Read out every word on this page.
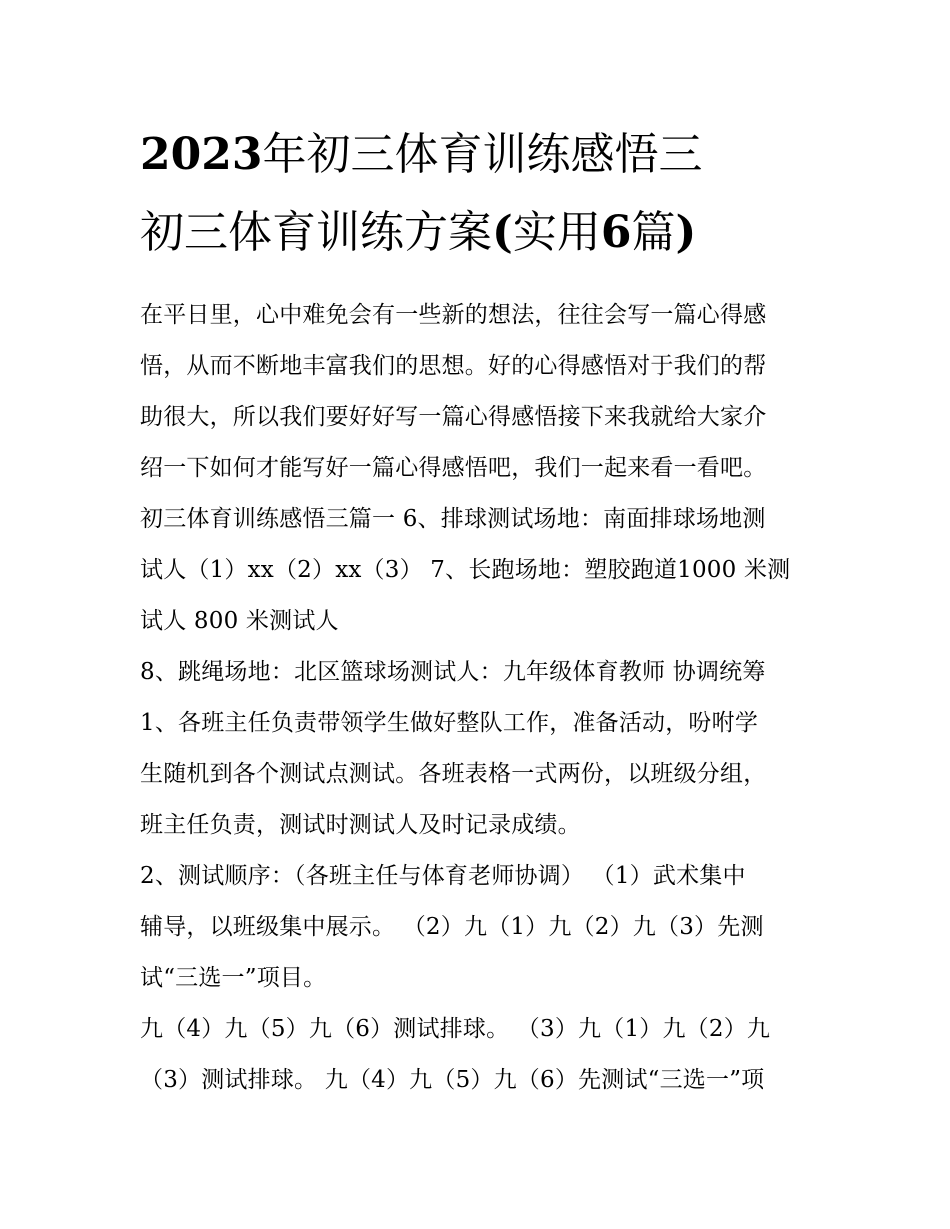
2023年初三体育训练感悟三
初三体育训练方案(实用6篇)

在平日里，心中难免会有一些新的想法，往往会写一篇心得感
悟，从而不断地丰富我们的思想。好的心得感悟对于我们的帮
助很大，所以我们要好好写一篇心得感悟接下来我就给大家介
绍一下如何才能写好一篇心得感悟吧，我们一起来看一看吧。
初三体育训练感悟三篇一 6、排球测试场地：南面排球场地测
试人（1）xx（2）xx（3） 7、长跑场地：塑胶跑道1000 米测
试人 800 米测试人

8、跳绳场地：北区篮球场测试人：九年级体育教师 协调统筹
1、各班主任负责带领学生做好整队工作，准备活动，吩咐学
生随机到各个测试点测试。各班表格一式两份，以班级分组，
班主任负责，测试时测试人及时记录成绩。

2、测试顺序：（各班主任与体育老师协调） （1）武术集中
辅导，以班级集中展示。 （2）九（1）九（2）九（3）先测
试“三选一”项目。

九（4）九（5）九（6）测试排球。 （3）九（1）九（2）九
（3）测试排球。 九（4）九（5）九（6）先测试“三选一”项
